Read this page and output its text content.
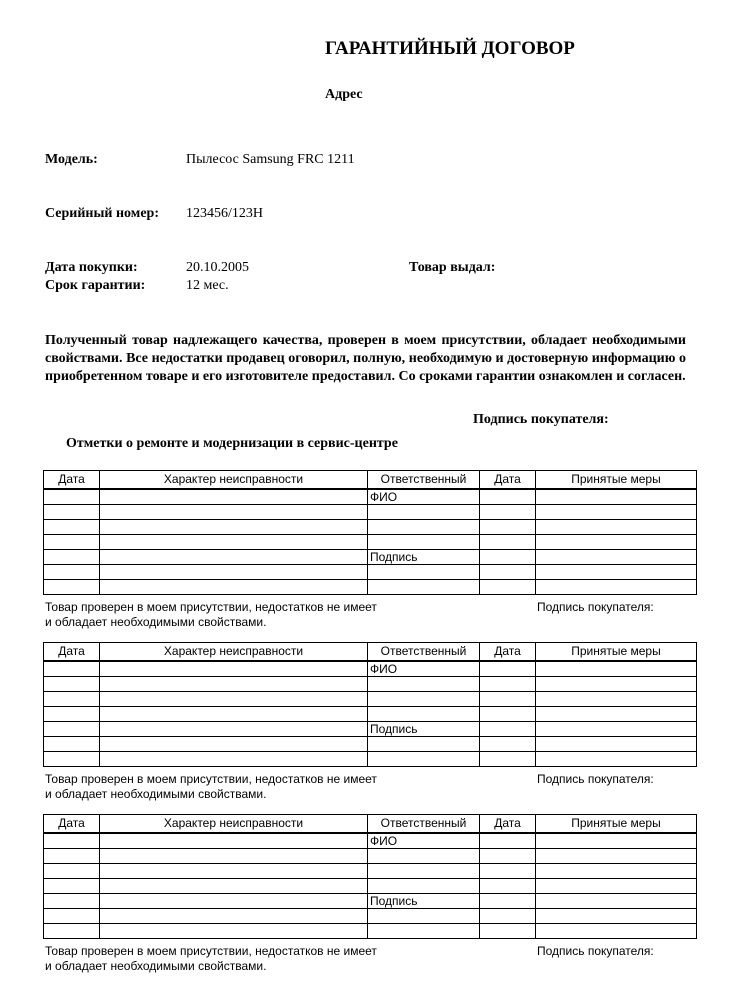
ГАРАНТИЙНЫЙ ДОГОВОР
Адрес
Модель:	Пылесос Samsung FRC 1211
Серийный номер: 123456/123H
Дата покупки:	20.10.2005	Товар выдал:
Срок гарантии:	12 мес.
Полученный товар надлежащего качества, проверен в моем присутствии, обладает необходимыми свойствами. Все недостатки продавец оговорил, полную, необходимую и достоверную информацию о приобретенном товаре и его изготовителе предоставил. Со сроками гарантии ознакомлен и согласен.
Подпись покупателя:
Отметки о ремонте и модернизации в сервис-центре
Дата	Характер неисправности	Ответственный	Дата	Принятые меры
		ФИО		

		Подпись		

Товар проверен в моем присутствии, недостатков не имеет
и обладает необходимыми свойствами.
Подпись покупателя:
Дата	Характер неисправности	Ответственный	Дата	Принятые меры
		ФИО		

		Подпись		

Товар проверен в моем присутствии, недостатков не имеет
и обладает необходимыми свойствами.
Подпись покупателя:
Дата	Характер неисправности	Ответственный	Дата	Принятые меры
		ФИО		

		Подпись		

Товар проверен в моем присутствии, недостатков не имеет
и обладает необходимыми свойствами.
Подпись покупателя:
